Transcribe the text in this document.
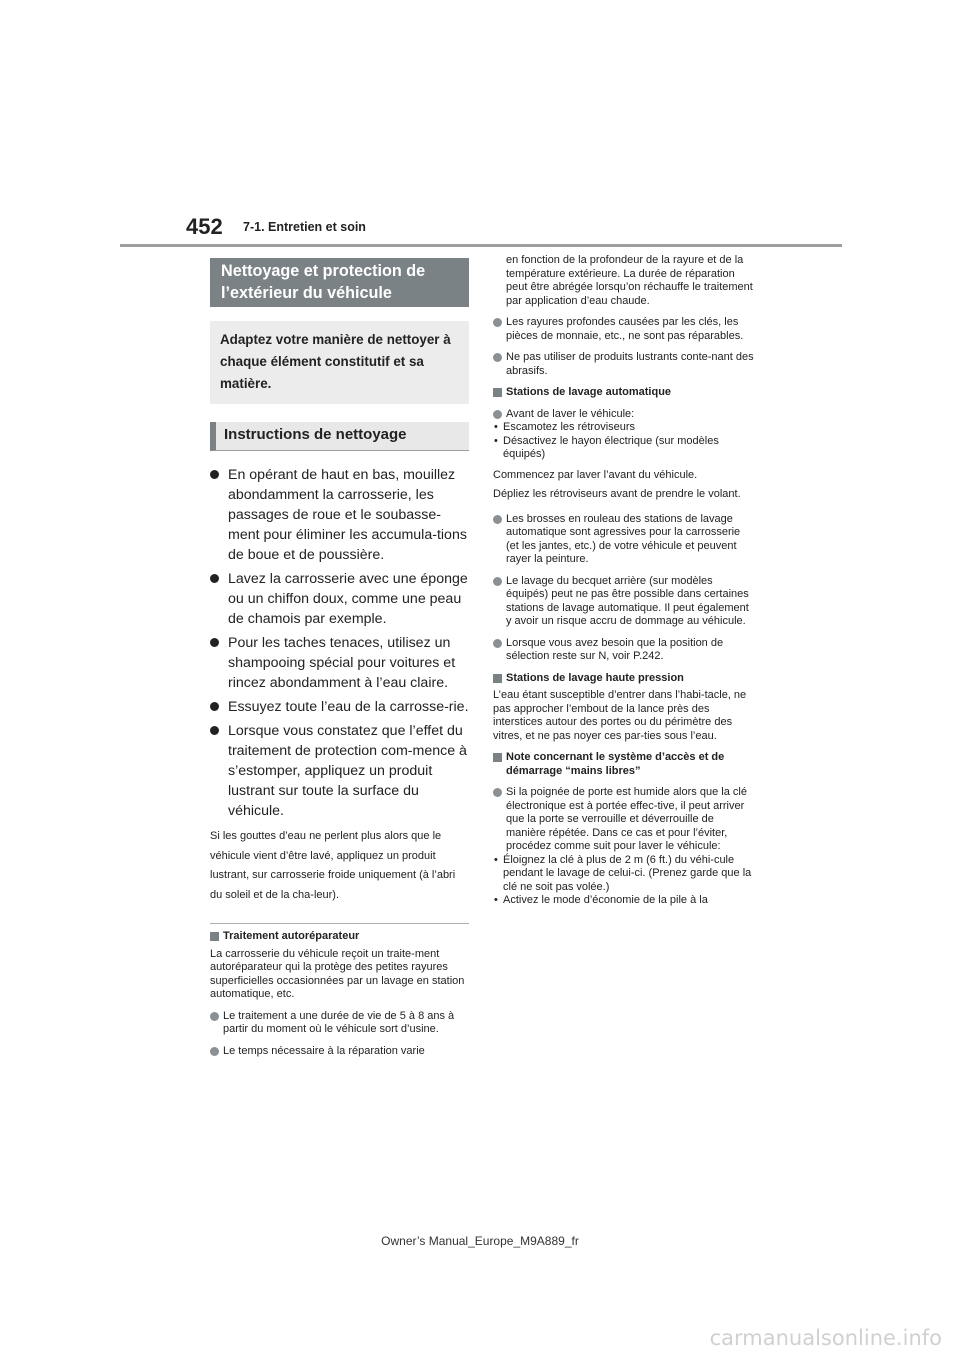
452 7-1. Entretien et soin
Nettoyage et protection de l’extérieur du véhicule
Adaptez votre manière de nettoyer à chaque élément constitutif et sa matière.
Instructions de nettoyage
En opérant de haut en bas, mouillez abondamment la carrosserie, les passages de roue et le soubasse-ment pour éliminer les accumula-tions de boue et de poussière.
Lavez la carrosserie avec une éponge ou un chiffon doux, comme une peau de chamois par exemple.
Pour les taches tenaces, utilisez un shampooing spécial pour voitures et rincez abondamment à l’eau claire.
Essuyez toute l’eau de la carrosse-rie.
Lorsque vous constatez que l’effet du traitement de protection com-mence à s’estomper, appliquez un produit lustrant sur toute la surface du véhicule.
Si les gouttes d’eau ne perlent plus alors que le véhicule vient d’être lavé, appliquez un produit lustrant, sur carrosserie froide uniquement (à l’abri du soleil et de la cha-leur).
Traitement autoréparateur
La carrosserie du véhicule reçoit un traite-ment autoréparateur qui la protège des petites rayures superficielles occasionnées par un lavage en station automatique, etc.
Le traitement a une durée de vie de 5 à 8 ans à partir du moment où le véhicule sort d’usine.
Le temps nécessaire à la réparation varie
en fonction de la profondeur de la rayure et de la température extérieure. La durée de réparation peut être abrégée lorsqu’on réchauffe le traitement par application d’eau chaude.
Les rayures profondes causées par les clés, les pièces de monnaie, etc., ne sont pas réparables.
Ne pas utiliser de produits lustrants conte-nant des abrasifs.
Stations de lavage automatique
Avant de laver le véhicule:
• Escamotez les rétroviseurs
• Désactivez le hayon électrique (sur modèles équipés)
Commencez par laver l’avant du véhicule.
Dépliez les rétroviseurs avant de prendre le volant.
Les brosses en rouleau des stations de lavage automatique sont agressives pour la carrosserie (et les jantes, etc.) de votre véhicule et peuvent rayer la peinture.
Le lavage du becquet arrière (sur modèles équipés) peut ne pas être possible dans certaines stations de lavage automatique. Il peut également y avoir un risque accru de dommage au véhicule.
Lorsque vous avez besoin que la position de sélection reste sur N, voir P.242.
Stations de lavage haute pression
L’eau étant susceptible d’entrer dans l’habi-tacle, ne pas approcher l’embout de la lance près des interstices autour des portes ou du périmètre des vitres, et ne pas noyer ces par-ties sous l’eau.
Note concernant le système d’accès et de démarrage “mains libres”
Si la poignée de porte est humide alors que la clé électronique est à portée effec-tive, il peut arriver que la porte se verrouille et déverrouille de manière répétée. Dans ce cas et pour l’éviter, procédez comme suit pour laver le véhicule:
• Éloignez la clé à plus de 2 m (6 ft.) du véhi-cule pendant le lavage de celui-ci. (Prenez garde que la clé ne soit pas volée.)
• Activez le mode d’économie de la pile à la
Owner’s Manual_Europe_M9A889_fr
carmanualsonline.info
